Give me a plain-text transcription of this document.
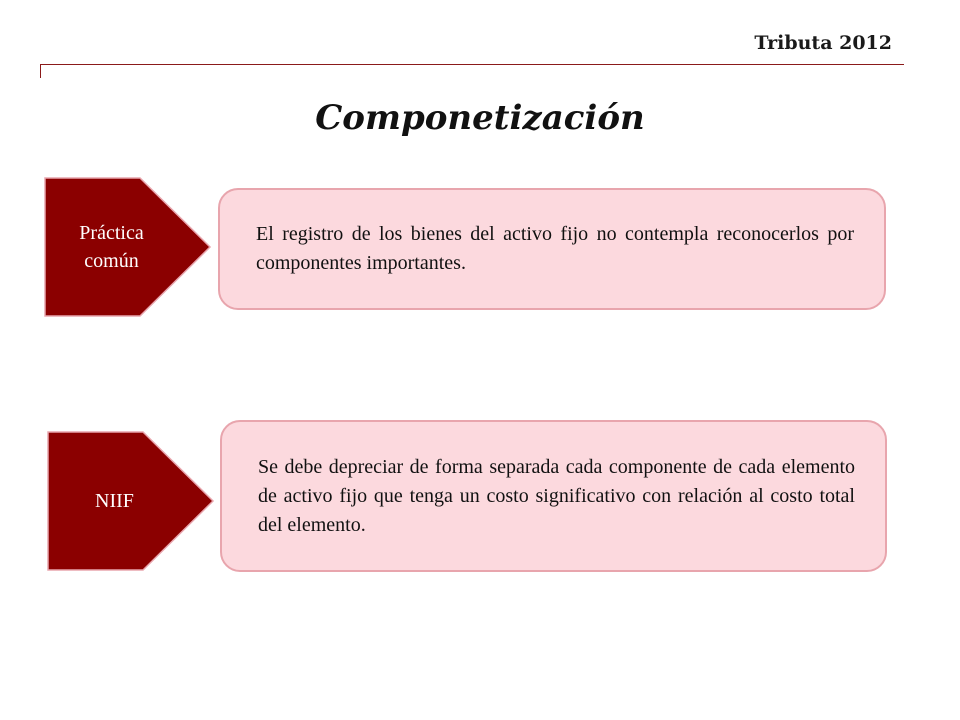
Tributa 2012
Componetización
Práctica
común

El registro de los bienes del activo fijo no contempla reconocerlos por componentes importantes.

NIIF

Se debe depreciar de forma separada cada componente de cada elemento de activo fijo que tenga un costo significativo con relación al costo total del elemento.
